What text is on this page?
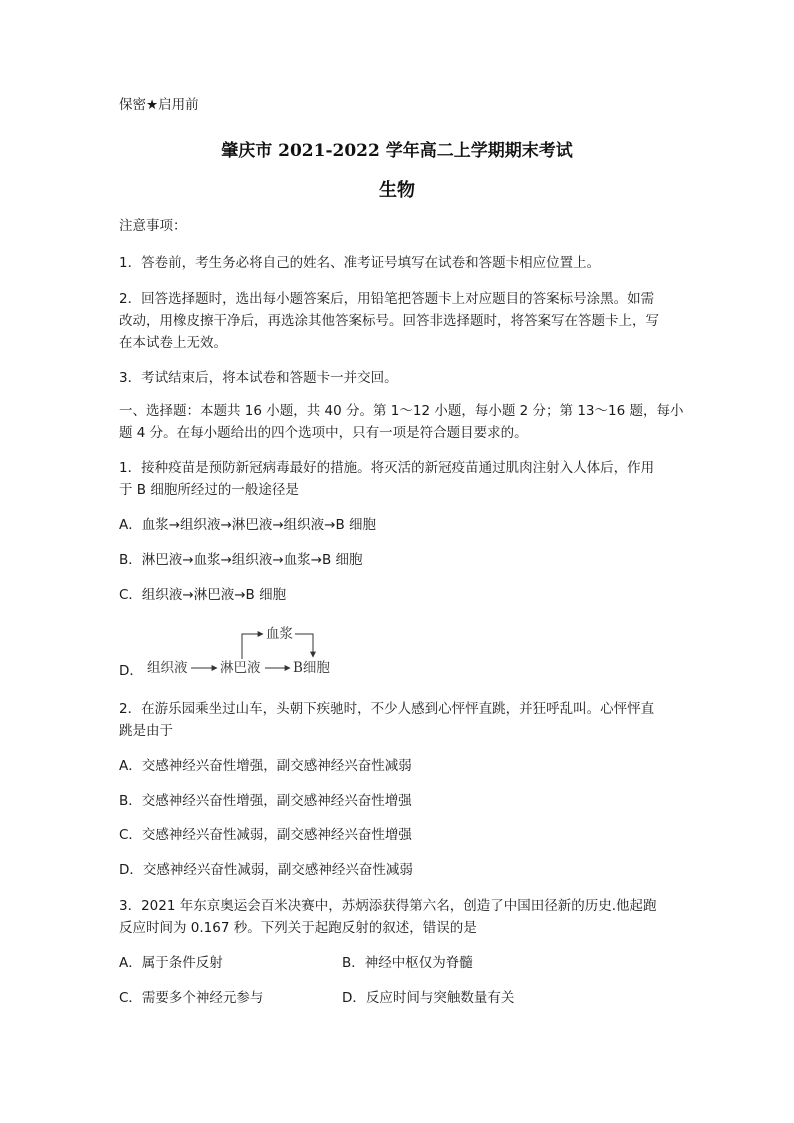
保密★启用前
肇庆市 2021-2022 学年高二上学期期末考试
生物
注意事项：
1．答卷前，考生务必将自己的姓名、准考证号填写在试卷和答题卡相应位置上。
2．回答选择题时，选出每小题答案后，用铅笔把答题卡上对应题目的答案标号涂黑。如需
改动，用橡皮擦干净后，再选涂其他答案标号。回答非选择题时，将答案写在答题卡上，写
在本试卷上无效。
3．考试结束后，将本试卷和答题卡一并交回。
一、选择题：本题共 16 小题，共 40 分。第 1～12 小题，每小题 2 分；第 13～16 题，每小
题 4 分。在每小题给出的四个选项中，只有一项是符合题目要求的。
1．接种疫苗是预防新冠病毒最好的措施。将灭活的新冠疫苗通过肌肉注射入人体后，作用
于 B 细胞所经过的一般途径是
A．血浆→组织液→淋巴液→组织液→B 细胞
B．淋巴液→血浆→组织液→血浆→B 细胞
C．组织液→淋巴液→B 细胞
D． 组织液 淋巴液 B细胞
血浆
2．在游乐园乘坐过山车，头朝下疾驰时，不少人感到心怦怦直跳，并狂呼乱叫。心怦怦直
跳是由于
A．交感神经兴奋性增强，副交感神经兴奋性减弱
B．交感神经兴奋性增强，副交感神经兴奋性增强
C．交感神经兴奋性减弱，副交感神经兴奋性增强
D．交感神经兴奋性减弱，副交感神经兴奋性减弱
3．2021 年东京奥运会百米决赛中，苏炳添获得第六名，创造了中国田径新的历史.他起跑
反应时间为 0.167 秒。下列关于起跑反射的叙述，错误的是
A．属于条件反射	B．神经中枢仅为脊髓
C．需要多个神经元参与	D．反应时间与突触数量有关
